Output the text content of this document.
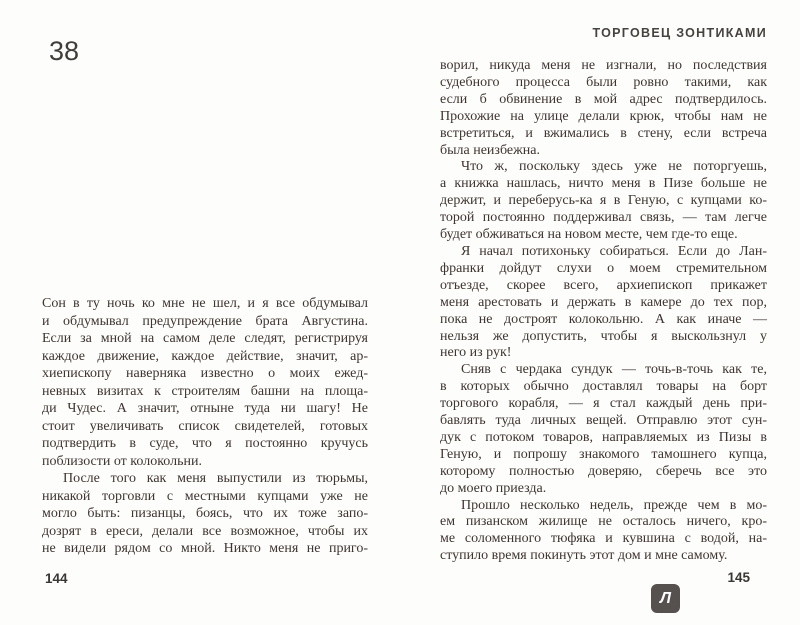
38
ТОРГОВЕЦ ЗОНТИКАМИ
Сон в ту ночь ко мне не шел, и я все обдумывал
и обдумывал предупреждение брата Августина.
Если за мной на самом деле следят, регистрируя
каждое движение, каждое действие, значит, ар-
хиепископу наверняка известно о моих ежед-
невных визитах к строителям башни на площа-
ди Чудес. А значит, отныне туда ни шагу! Не
стоит увеличивать список свидетелей, готовых
подтвердить в суде, что я постоянно кручусь
поблизости от колокольни.
После того как меня выпустили из тюрьмы,
никакой торговли с местными купцами уже не
могло быть: пизанцы, боясь, что их тоже запо-
дозрят в ереси, делали все возможное, чтобы их
не видели рядом со мной. Никто меня не приго-
ворил, никуда меня не изгнали, но последствия
судебного процесса были ровно такими, как
если б обвинение в мой адрес подтвердилось.
Прохожие на улице делали крюк, чтобы нам не
встретиться, и вжимались в стену, если встреча
была неизбежна.
Что ж, поскольку здесь уже не поторгуешь,
а книжка нашлась, ничто меня в Пизе больше не
держит, и переберусь-ка я в Геную, с купцами ко-
торой постоянно поддерживал связь, — там легче
будет обживаться на новом месте, чем где-то еще.
Я начал потихоньку собираться. Если до Лан-
франки дойдут слухи о моем стремительном
отъезде, скорее всего, архиепископ прикажет
меня арестовать и держать в камере до тех пор,
пока не достроят колокольню. А как иначе —
нельзя же допустить, чтобы я выскользнул у
него из рук!
Сняв с чердака сундук — точь-в-точь как те,
в которых обычно доставлял товары на борт
торгового корабля, — я стал каждый день при-
бавлять туда личных вещей. Отправлю этот сун-
дук с потоком товаров, направляемых из Пизы в
Геную, и попрошу знакомого тамошнего купца,
которому полностью доверяю, сберечь все это
до моего приезда.
Прошло несколько недель, прежде чем в мо-
ем пизанском жилище не осталось ничего, кро-
ме соломенного тюфяка и кувшина с водой, на-
ступило время покинуть этот дом и мне самому.
144	145
Л
